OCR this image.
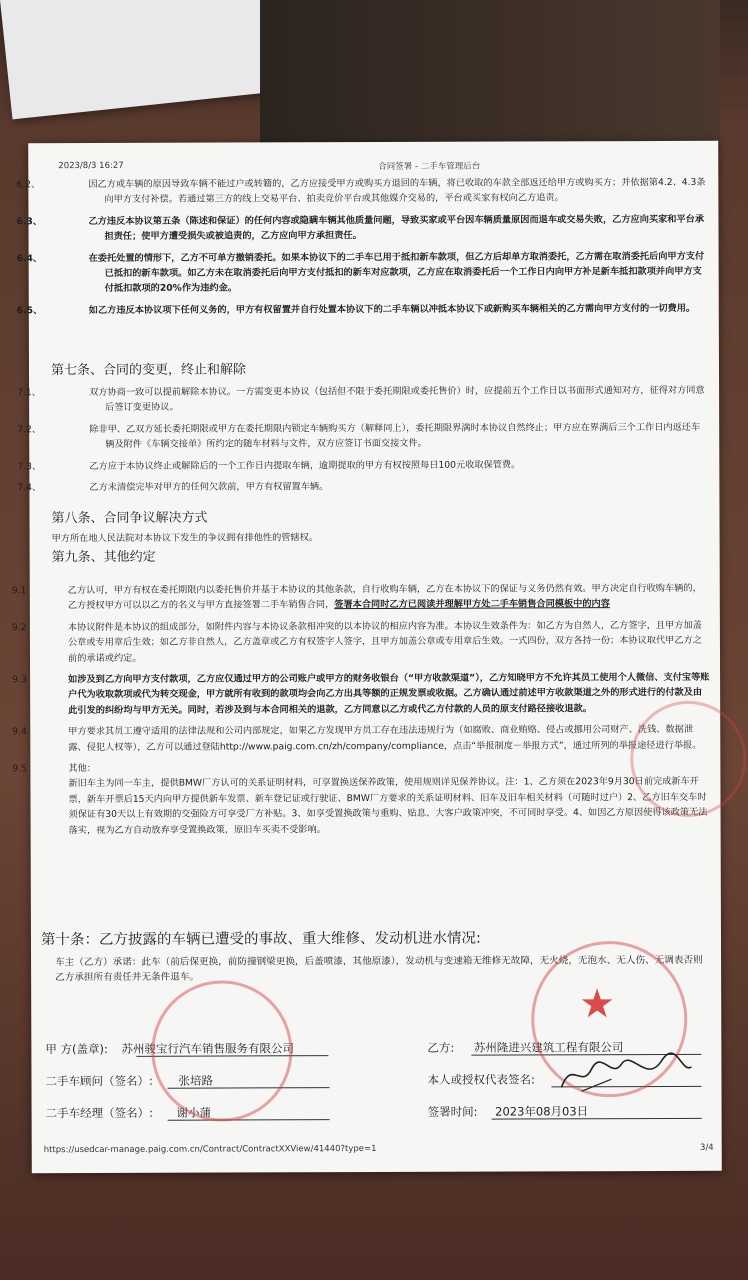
2023/8/3 16:27	合同签署 - 二手车管理后台

6.2、	因乙方或车辆的原因导致车辆不能过户或转籍的，乙方应接受甲方或购买方退回的车辆，将已收取的车款全部返还给甲方或购买方；并依据第4.2、4.3条向甲方支付补偿。若通过第三方的线上交易平台、拍卖竞价平台或其他媒介交易的，平台或买家有权向乙方追责。

6.3、	乙方违反本协议第五条（陈述和保证）的任何内容或隐瞒车辆其他质量问题，导致买家或平台因车辆质量原因而退车或交易失败，乙方应向买家和平台承担责任；使甲方遭受损失或被追责的，乙方应向甲方承担责任。

6.4、	在委托处置的情形下，乙方不可单方撤销委托。如果本协议下的二手车已用于抵扣新车款项，但乙方后却单方取消委托，乙方需在取消委托后向甲方支付已抵扣的新车款项。如乙方未在取消委托后向甲方支付抵扣的新车对应款项，乙方应在取消委托后一个工作日内向甲方补足新车抵扣款项并向甲方支付抵扣款项的20%作为违约金。

6.5、	如乙方违反本协议项下任何义务的，甲方有权留置并自行处置本协议下的二手车辆以冲抵本协议下或新购买车辆相关的乙方需向甲方支付的一切费用。

第七条、合同的变更，终止和解除

7.1、	双方协商一致可以提前解除本协议。一方需变更本协议（包括但不限于委托期限或委托售价）时，应提前五个工作日以书面形式通知对方，征得对方同意后签订变更协议。

7.2、	除非甲、乙双方延长委托期限或甲方在委托期限内锁定车辆购买方（解释同上），委托期限界满时本协议自然终止；甲方应在界满后三个工作日内返还车辆及附件《车辆交接单》所约定的随车材料与文件，双方应签订书面交接文件。

7.3、	乙方应于本协议终止或解除后的一个工作日内提取车辆，逾期提取的甲方有权按照每日100元收取保管费。

7.4、	乙方未清偿完毕对甲方的任何欠款前，甲方有权留置车辆。

第八条、合同争议解决方式

甲方所在地人民法院对本协议下发生的争议拥有排他性的管辖权。

第九条、其他约定

9.1	乙方认可，甲方有权在委托期限内以委托售价并基于本协议的其他条款，自行收购车辆，乙方在本协议下的保证与义务仍然有效。甲方决定自行收购车辆的，乙方授权甲方可以以乙方的名义与甲方直接签署二手车销售合同，签署本合同时乙方已阅读并理解甲方处二手车销售合同模板中的内容

9.2	本协议附件是本协议的组成部分，如附件内容与本协议条款相冲突的以本协议的相应内容为准。本协议生效条件为：如乙方为自然人，乙方签字，且甲方加盖公章或专用章后生效；如乙方非自然人，乙方盖章或乙方有权签字人签字，且甲方加盖公章或专用章后生效。一式四份，双方各持一份；本协议取代甲乙方之前的承诺或约定。

9.3	如涉及到乙方向甲方支付款项，乙方应仅通过甲方的公司账户或甲方的财务收银台（“甲方收款渠道”），乙方知晓甲方不允许其员工使用个人微信、支付宝等账户代为收取款项或代为转交现金，甲方就所有收到的款项均会向乙方出具等额的正规发票或收据。乙方确认通过前述甲方收款渠道之外的形式进行的付款及由此引发的纠纷均与甲方无关。同时，若涉及到与本合同相关的退款，乙方同意以乙方或代乙方付款的人员的原支付路径接收退款。

9.4	甲方要求其员工遵守适用的法律法规和公司内部规定，如果乙方发现甲方员工存在违法违规行为（如腐败、商业贿赂、侵占或挪用公司财产、洗钱、数据泄露、侵犯人权等），乙方可以通过登陆http://www.paig.com.cn/zh/company/compliance，点击“举报制度－举报方式”，通过所列的举报途径进行举报。

9.5	其他：

新旧车主为同一车主，提供BMW厂方认可的关系证明材料，可享置换送保养政策，使用规则详见保养协议。注：1、乙方须在2023年9月30日前完成新车开票，新车开票后15天内向甲方提供新车发票、新车登记证或行驶证、BMW厂方要求的关系证明材料、旧车及旧车相关材料（可随时过户）2、乙方旧车交车时须保证有30天以上有效期的交强险方可享受厂方补贴。3、如享受置换政策与重购、贴息、大客户政策冲突，不可同时享受。4、如因乙方原因使得该政策无法落实，视为乙方自动放弃享受置换政策，原旧车买卖不受影响。

第十条：乙方披露的车辆已遭受的事故、重大维修、发动机进水情况:

车主（乙方）承诺：此车（前后保更换，前防撞钢梁更换，后盖喷漆，其他原漆），发动机与变速箱无维修无故障，无火烧，无泡水、无人伤、无调表否则乙方承担所有责任并无条件退车。

甲 方(盖章): 苏州骏宝行汽车销售服务有限公司
二手车顾问（签名）: 张培路
二手车经理（签名）: 谢小蒲
乙方: 苏州隆进兴建筑工程有限公司
本人或授权代表签名:
签署时间: 2023年08月03日
★
https://usedcar-manage.paig.com.cn/Contract/ContractXXView/41440?type=1	3/4
